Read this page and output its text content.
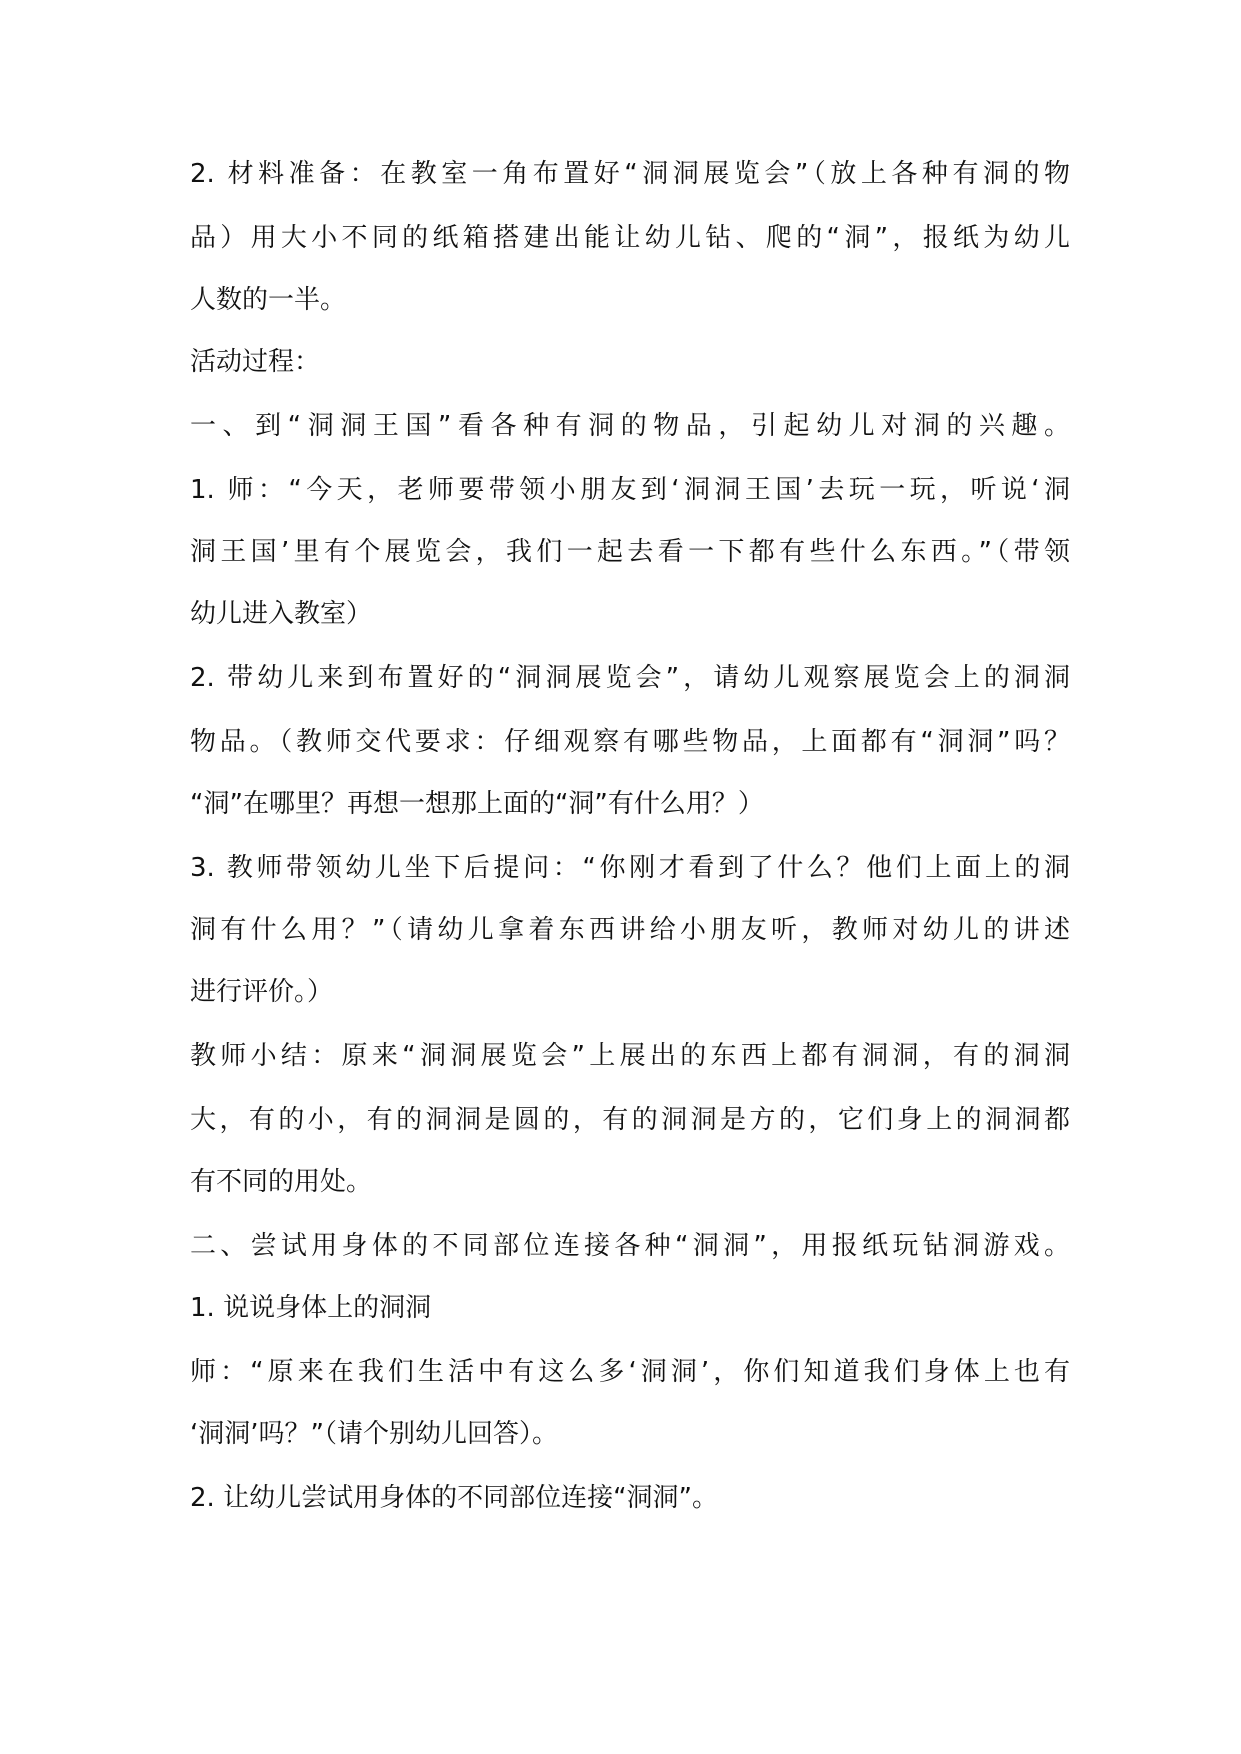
2. 材料准备：在教室一角布置好“洞洞展览会”（放上各种有洞的物
品）用大小不同的纸箱搭建出能让幼儿钻、爬的“洞”，报纸为幼儿
人数的一半。
活动过程：
一、到“洞洞王国”看各种有洞的物品，引起幼儿对洞的兴趣。
1. 师：“今天，老师要带领小朋友到‘洞洞王国’去玩一玩，听说‘洞
洞王国’里有个展览会，我们一起去看一下都有些什么东西。”（带领
幼儿进入教室）
2. 带幼儿来到布置好的“洞洞展览会”，请幼儿观察展览会上的洞洞
物品。（教师交代要求：仔细观察有哪些物品，上面都有“洞洞”吗？
“洞”在哪里？再想一想那上面的“洞”有什么用？）
3. 教师带领幼儿坐下后提问：“你刚才看到了什么？他们上面上的洞
洞有什么用？”（请幼儿拿着东西讲给小朋友听，教师对幼儿的讲述
进行评价。）
教师小结：原来“洞洞展览会”上展出的东西上都有洞洞，有的洞洞
大，有的小，有的洞洞是圆的，有的洞洞是方的，它们身上的洞洞都
有不同的用处。
二、尝试用身体的不同部位连接各种“洞洞”，用报纸玩钻洞游戏。
1. 说说身体上的洞洞
师：“原来在我们生活中有这么多‘洞洞’，你们知道我们身体上也有
‘洞洞’吗？”（请个别幼儿回答）。
2. 让幼儿尝试用身体的不同部位连接“洞洞”。
